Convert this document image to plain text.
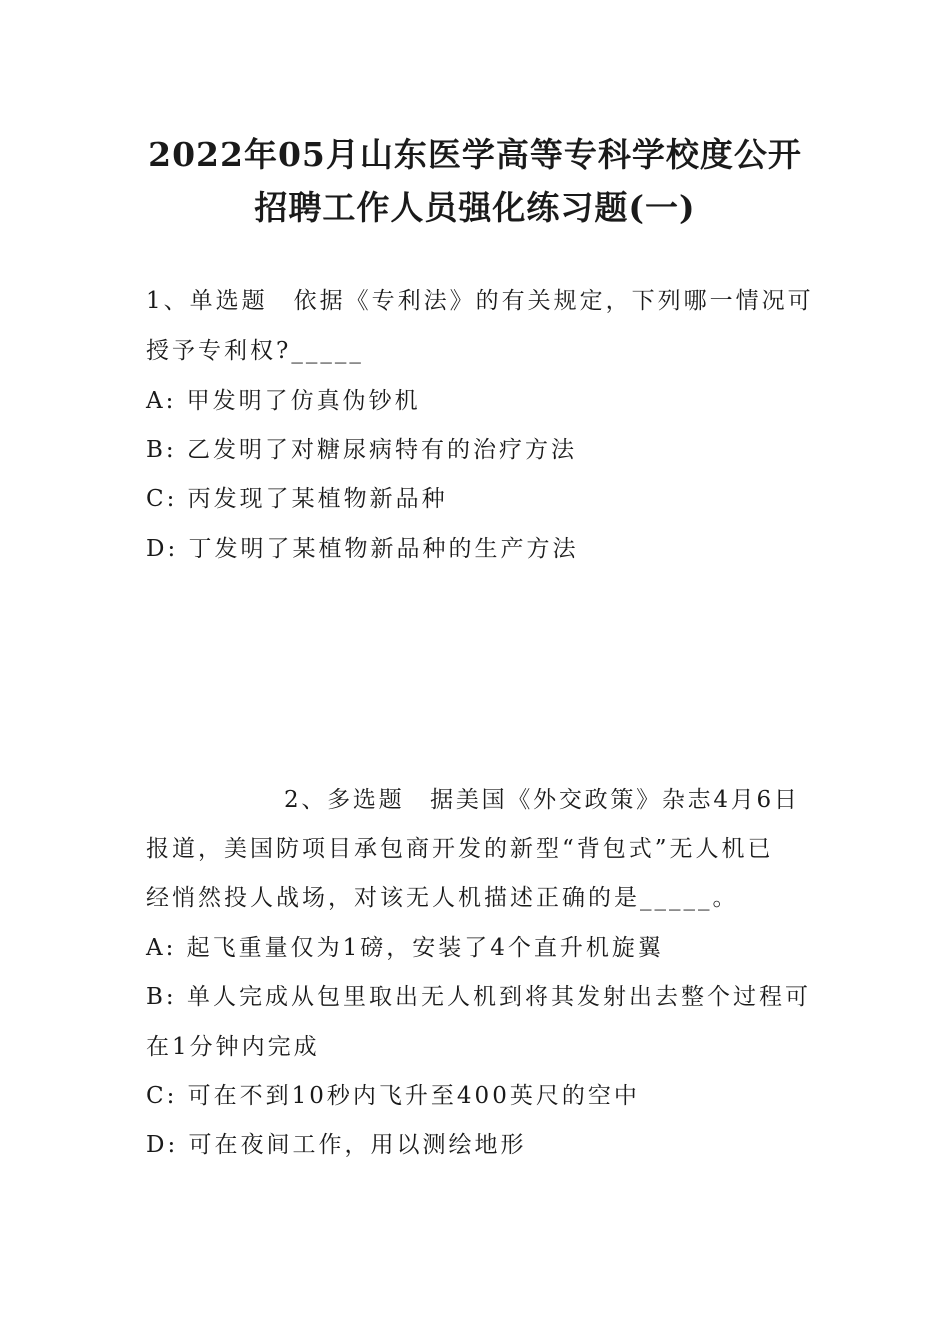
2022年05月山东医学高等专科学校度公开
招聘工作人员强化练习题(一)
1、单选题　依据《专利法》的有关规定，下列哪一情况可
授予专利权?_____
A: 甲发明了仿真伪钞机
B: 乙发明了对糖尿病特有的治疗方法
C: 丙发现了某植物新品种
D: 丁发明了某植物新品种的生产方法
2、多选题　据美国《外交政策》杂志4月6日
报道，美国防项目承包商开发的新型“背包式”无人机已
经悄然投人战场，对该无人机描述正确的是_____。
A: 起飞重量仅为1磅，安装了4个直升机旋翼
B: 单人完成从包里取出无人机到将其发射出去整个过程可
在1分钟内完成
C: 可在不到10秒内飞升至400英尺的空中
D: 可在夜间工作，用以测绘地形
